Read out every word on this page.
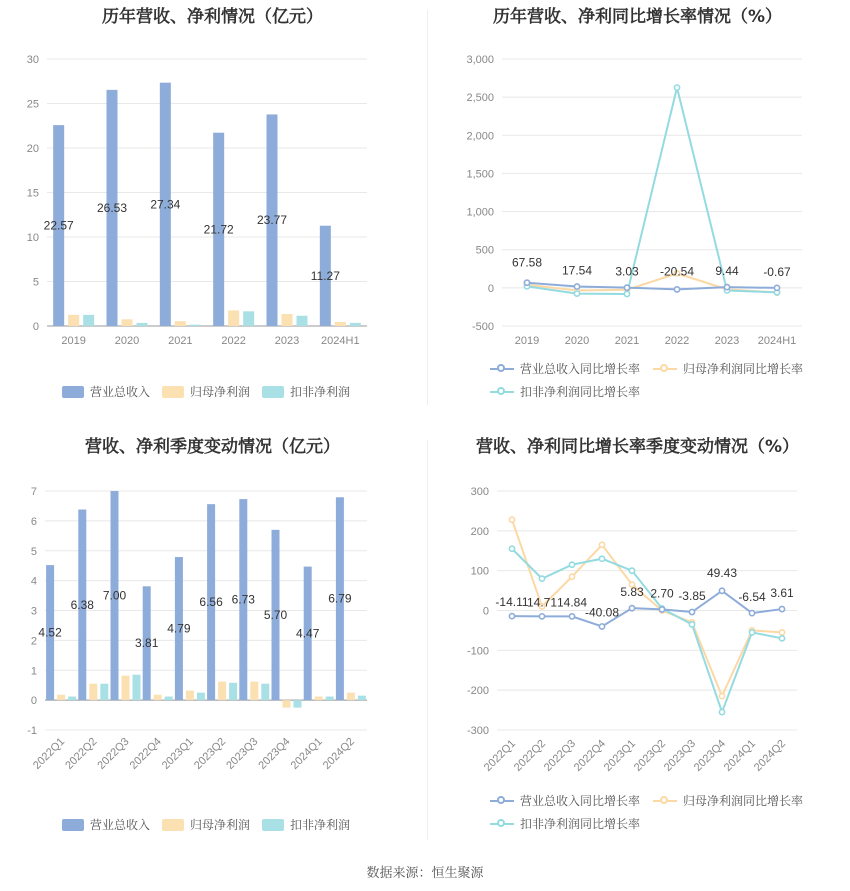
历年营收、净利情况（亿元）
0
5
10
15
20
25
30
22.57
2019
26.53
2020
27.34
2021
21.72
2022
23.77
2023
11.27
2024H1
营业总收入	归母净利润	扣非净利润
历年营收、净利同比增长率情况（%）
-500
0
500
1,000
1,500
2,000
2,500
3,000
2019 2020 2021 2022 2023 2024H1
67.58
17.54 3.03 -20.54 9.44 -0.67
营业总收入同比增长率	归母净利润同比增长率
扣非净利润同比增长率
营收、净利季度变动情况（亿元）
-1
0
1
2
3
4
5
6
7
4.52
2022Q1
6.38
2022Q2
7.00
2022Q3
3.81
2022Q4
4.79
2023Q1
6.56
2023Q2
6.73
2023Q3
5.70
2023Q4
4.47
2024Q1
6.79
2024Q2
营业总收入	归母净利润	扣非净利润
营收、净利同比增长率季度变动情况（%）
-300
-200
-100
0
100
200
300
2022Q1
2022Q2
2022Q3
2022Q4
2023Q1
2023Q2
2023Q3
2023Q4
2024Q1
2024Q2
-14.11
14.71 14.84
-40.08
5.83 2.70 -3.85
49.43
-6.54 3.61
营业总收入同比增长率	归母净利润同比增长率
扣非净利润同比增长率
数据来源：恒生聚源
